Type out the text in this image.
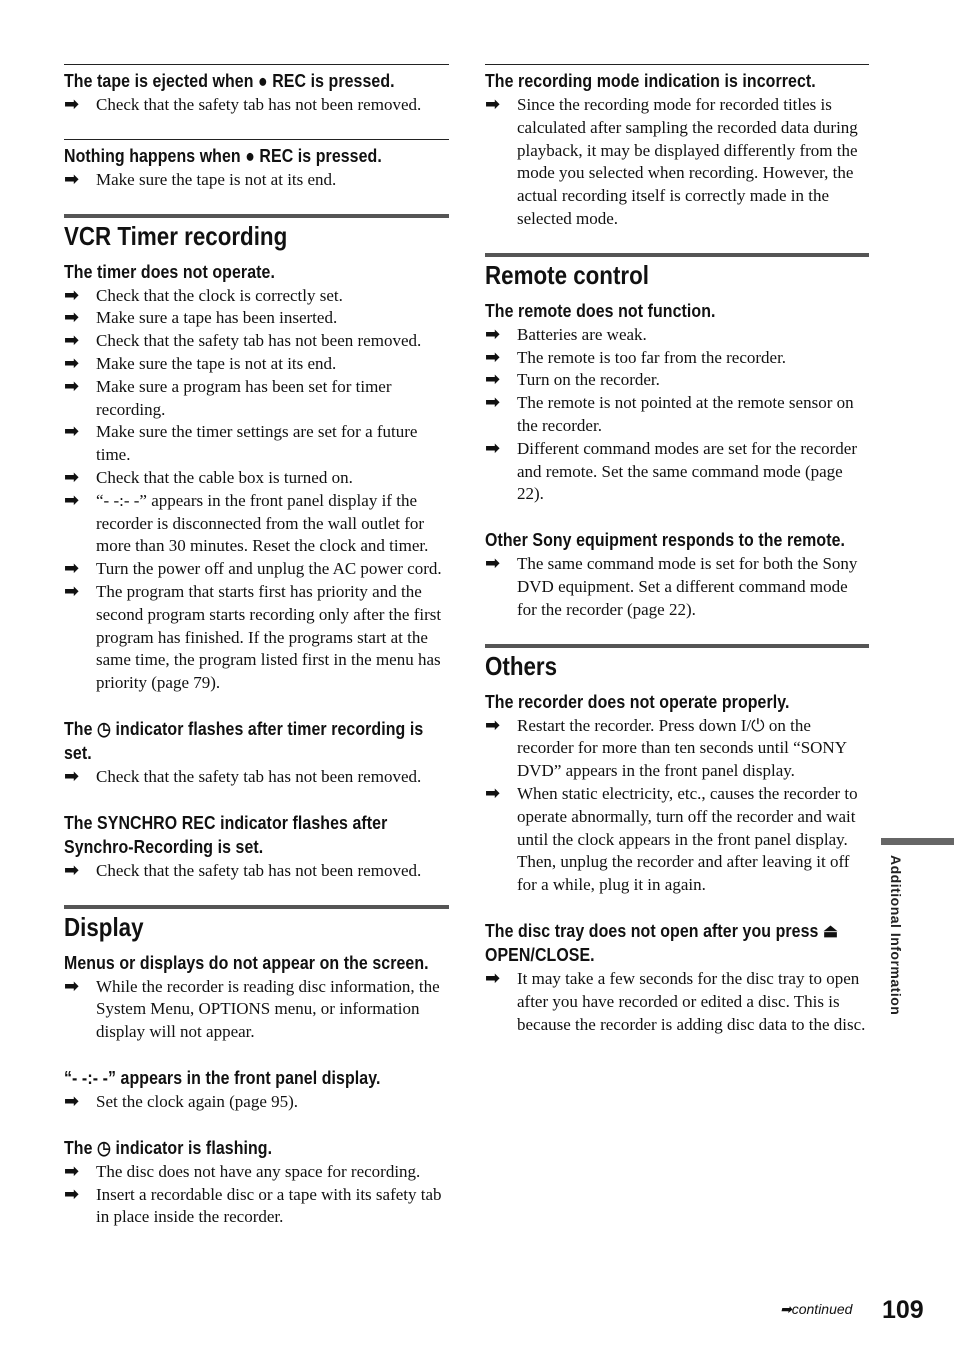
The tape is ejected when ● REC is pressed.
➡ Check that the safety tab has not been removed.
Nothing happens when ● REC is pressed.
➡ Make sure the tape is not at its end.
VCR Timer recording
The timer does not operate.
➡ Check that the clock is correctly set.
➡ Make sure a tape has been inserted.
➡ Check that the safety tab has not been removed.
➡ Make sure the tape is not at its end.
➡ Make sure a program has been set for timer recording.
➡ Make sure the timer settings are set for a future time.
➡ Check that the cable box is turned on.
➡ “- -:- -” appears in the front panel display if the recorder is disconnected from the wall outlet for more than 30 minutes. Reset the clock and timer.
➡ Turn the power off and unplug the AC power cord.
➡ The program that starts first has priority and the second program starts recording only after the first program has finished. If the programs start at the same time, the program listed first in the menu has priority (page 79).
The ◷ indicator flashes after timer recording is set.
➡ Check that the safety tab has not been removed.
The SYNCHRO REC indicator flashes after Synchro-Recording is set.
➡ Check that the safety tab has not been removed.
Display
Menus or displays do not appear on the screen.
➡ While the recorder is reading disc information, the System Menu, OPTIONS menu, or information display will not appear.
“- -:- -” appears in the front panel display.
➡ Set the clock again (page 95).
The ◷ indicator is flashing.
➡ The disc does not have any space for recording.
➡ Insert a recordable disc or a tape with its safety tab in place inside the recorder.
The recording mode indication is incorrect.
➡ Since the recording mode for recorded titles is calculated after sampling the recorded data during playback, it may be displayed differently from the mode you selected when recording. However, the actual recording itself is correctly made in the selected mode.
Remote control
The remote does not function.
➡ Batteries are weak.
➡ The remote is too far from the recorder.
➡ Turn on the recorder.
➡ The remote is not pointed at the remote sensor on the recorder.
➡ Different command modes are set for the recorder and remote. Set the same command mode (page 22).
Other Sony equipment responds to the remote.
➡ The same command mode is set for both the Sony DVD equipment. Set a different command mode for the recorder (page 22).
Others
The recorder does not operate properly.
➡ Restart the recorder. Press down I/⏻ on the recorder for more than ten seconds until “SONY DVD” appears in the front panel display.
➡ When static electricity, etc., causes the recorder to operate abnormally, turn off the recorder and wait until the clock appears in the front panel display. Then, unplug the recorder and after leaving it off for a while, plug it in again.
The disc tray does not open after you press ⏏ OPEN/CLOSE.
➡ It may take a few seconds for the disc tray to open after you have recorded or edited a disc. This is because the recorder is adding disc data to the disc.
Additional Information
➡continued 109
